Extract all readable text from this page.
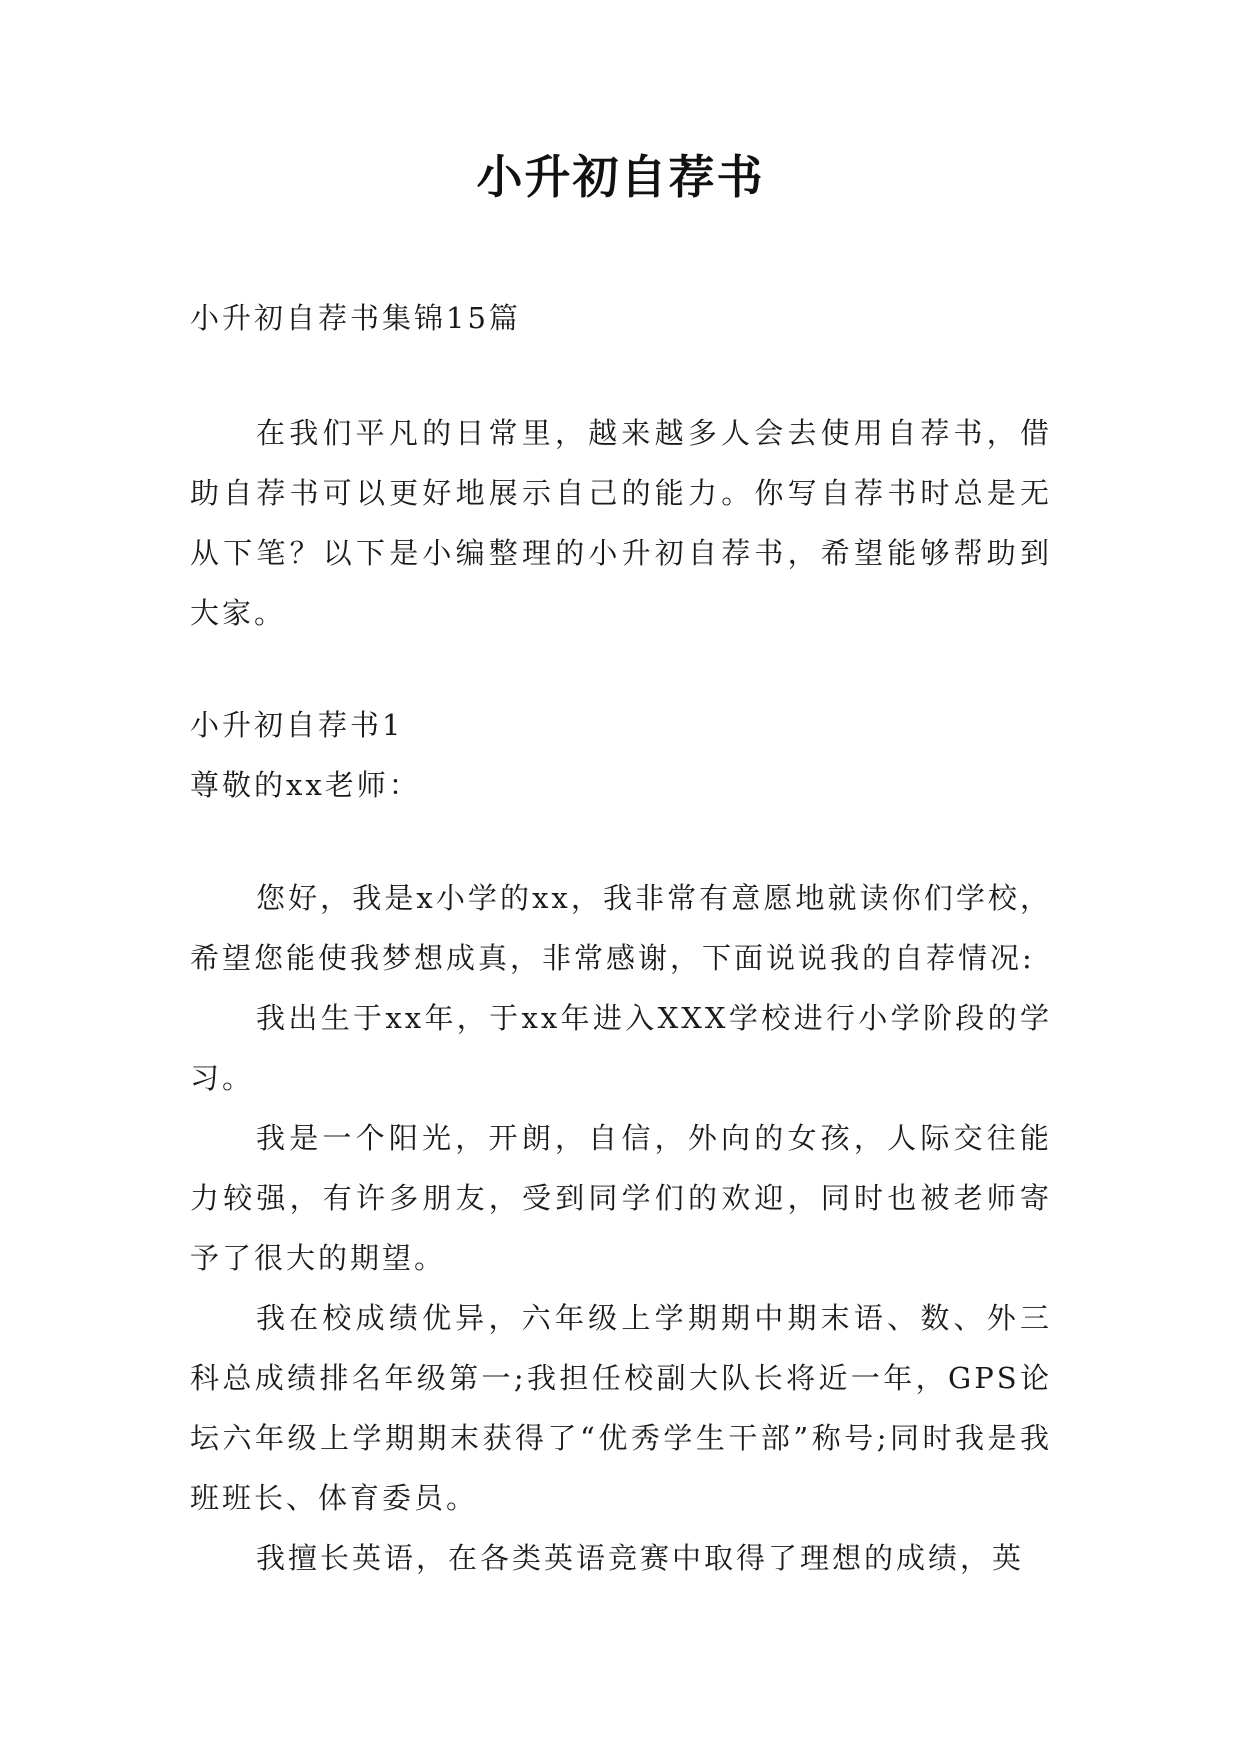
小升初自荐书

小升初自荐书集锦15篇

在我们平凡的日常里，越来越多人会去使用自荐书，借助自荐书可以更好地展示自己的能力。你写自荐书时总是无从下笔？以下是小编整理的小升初自荐书，希望能够帮助到大家。

小升初自荐书1

尊敬的xx老师：

您好，我是x小学的xx，我非常有意愿地就读你们学校，希望您能使我梦想成真，非常感谢，下面说说我的自荐情况:

我出生于xx年，于xx年进入XXX学校进行小学阶段的学习。

我是一个阳光，开朗，自信，外向的女孩，人际交往能力较强，有许多朋友，受到同学们的欢迎，同时也被老师寄予了很大的期望。

我在校成绩优异，六年级上学期期中期末语、数、外三科总成绩排名年级第一;我担任校副大队长将近一年，GPS论坛六年级上学期期末获得了“优秀学生干部”称号;同时我是我班班长、体育委员。

我擅长英语，在各类英语竞赛中取得了理想的成绩，英
